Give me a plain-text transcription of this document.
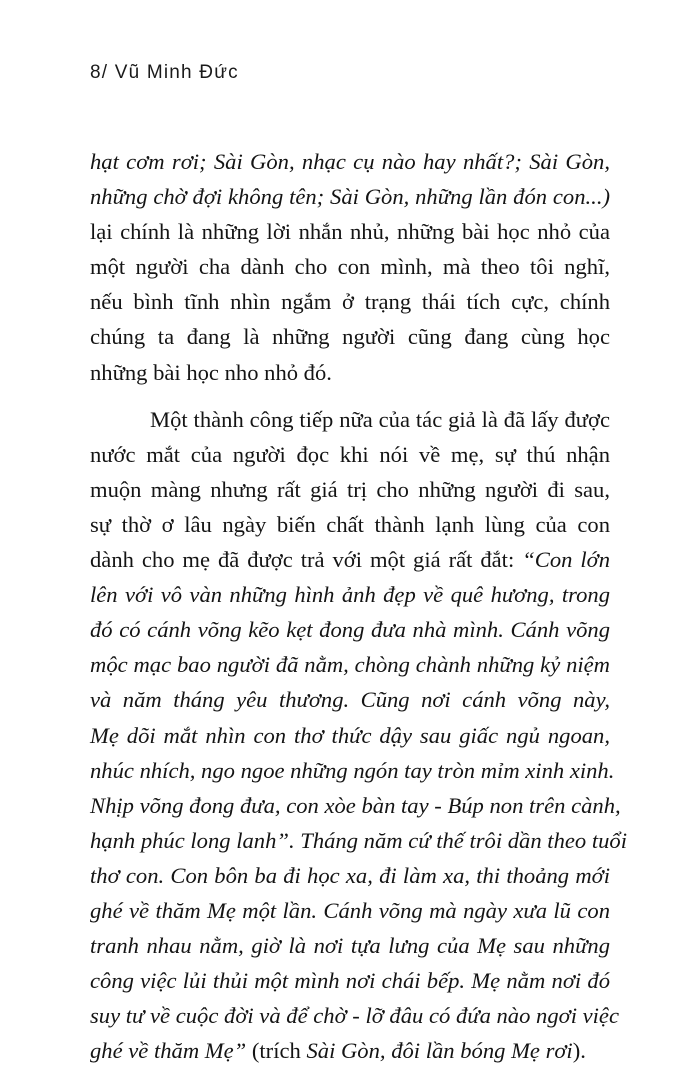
8/ Vũ Minh Đức
hạt cơm rơi; Sài Gòn, nhạc cụ nào hay nhất?; Sài Gòn,
những chờ đợi không tên; Sài Gòn, những lần đón con...)
lại chính là những lời nhắn nhủ, những bài học nhỏ của
một người cha dành cho con mình, mà theo tôi nghĩ,
nếu bình tĩnh nhìn ngắm ở trạng thái tích cực, chính
chúng ta đang là những người cũng đang cùng học
những bài học nho nhỏ đó.
Một thành công tiếp nữa của tác giả là đã lấy được
nước mắt của người đọc khi nói về mẹ, sự thú nhận
muộn màng nhưng rất giá trị cho những người đi sau,
sự thờ ơ lâu ngày biến chất thành lạnh lùng của con
dành cho mẹ đã được trả với một giá rất đắt: “Con lớn
lên với vô vàn những hình ảnh đẹp về quê hương, trong
đó có cánh võng kẽo kẹt đong đưa nhà mình. Cánh võng
mộc mạc bao người đã nằm, chòng chành những kỷ niệm
và năm tháng yêu thương. Cũng nơi cánh võng này,
Mẹ dõi mắt nhìn con thơ thức dậy sau giấc ngủ ngoan,
nhúc nhích, ngo ngoe những ngón tay tròn mỉm xinh xinh.
Nhịp võng đong đưa, con xòe bàn tay - Búp non trên cành,
hạnh phúc long lanh”. Tháng năm cứ thế trôi dần theo tuổi
thơ con. Con bôn ba đi học xa, đi làm xa, thi thoảng mới
ghé về thăm Mẹ một lần. Cánh võng mà ngày xưa lũ con
tranh nhau nằm, giờ là nơi tựa lưng của Mẹ sau những
công việc lủi thủi một mình nơi chái bếp. Mẹ nằm nơi đó
suy tư về cuộc đời và để chờ - lỡ đâu có đứa nào ngơi việc
ghé về thăm Mẹ” (trích Sài Gòn, đôi lần bóng Mẹ rơi).
